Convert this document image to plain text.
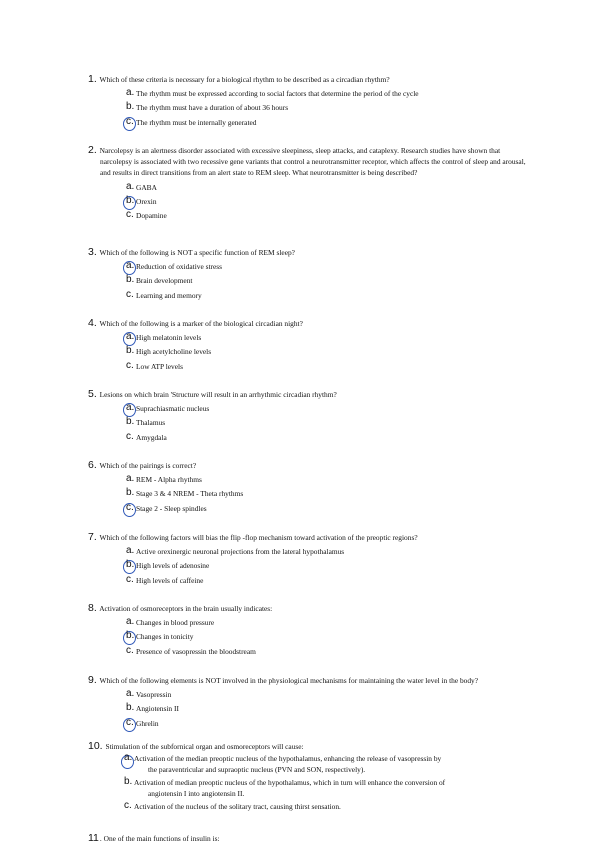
1. Which of these criteria is necessary for a biological rhythm to be described as a circadian rhythm?
a. The rhythm must be expressed according to social factors that determine the period of the cycle
b. The rhythm must have a duration of about 36 hours
c. The rhythm must be internally generated
2. Narcolepsy is an alertness disorder associated with excessive sleepiness, sleep attacks, and cataplexy. Research studies have shown that narcolepsy is associated with two recessive gene variants that control a neurotransmitter receptor, which affects the control of sleep and arousal, and results in direct transitions from an alert state to REM sleep. What neurotransmitter is being described?
a. GABA
b. Orexin
c. Dopamine
3. Which of the following is NOT a specific function of REM sleep?
a. Reduction of oxidative stress
b. Brain development
c. Learning and memory
4. Which of the following is a marker of the biological circadian night?
a. High melatonin levels
b. High acetylcholine levels
c. Low ATP levels
5. Lesions on which brain 'Structure will result in an arrhythmic circadian rhythm?
a. Suprachiasmatic nucleus
b. Thalamus
c. Amygdala
6. Which of the pairings is correct?
a. REM - Alpha rhythms
b. Stage 3 & 4 NREM - Theta rhythms
c. Stage 2 - Sleep spindles
7. Which of the following factors will bias the flip -flop mechanism toward activation of the preoptic regions?
a. Active orexinergic neuronal projections from the lateral hypothalamus
b. High levels of adenosine
c. High levels of caffeine
8. Activation of osmoreceptors in the brain usually indicates:
a. Changes in blood pressure
b. Changes in tonicity
c. Presence of vasopressin the bloodstream
9. Which of the following elements is NOT involved in the physiological mechanisms for maintaining the water level in the body?
a. Vasopressin
b. Angiotensin II
c. Ghrelin
10. Stimulation of the subfornical organ and osmoreceptors will cause:
a. Activation of the median preoptic nucleus of the hypothalamus, enhancing the release of vasopressin by
the paraventricular and supraoptic nucleus (PVN and SON, respectively).
b. Activation of median preoptic nucleus of the hypothalamus, which in turn will enhance the conversion of
angiotensin I into angiotensin II.
c. Activation of the nucleus of the solitary tract, causing thirst sensation.
11. One of the main functions of insulin is:
